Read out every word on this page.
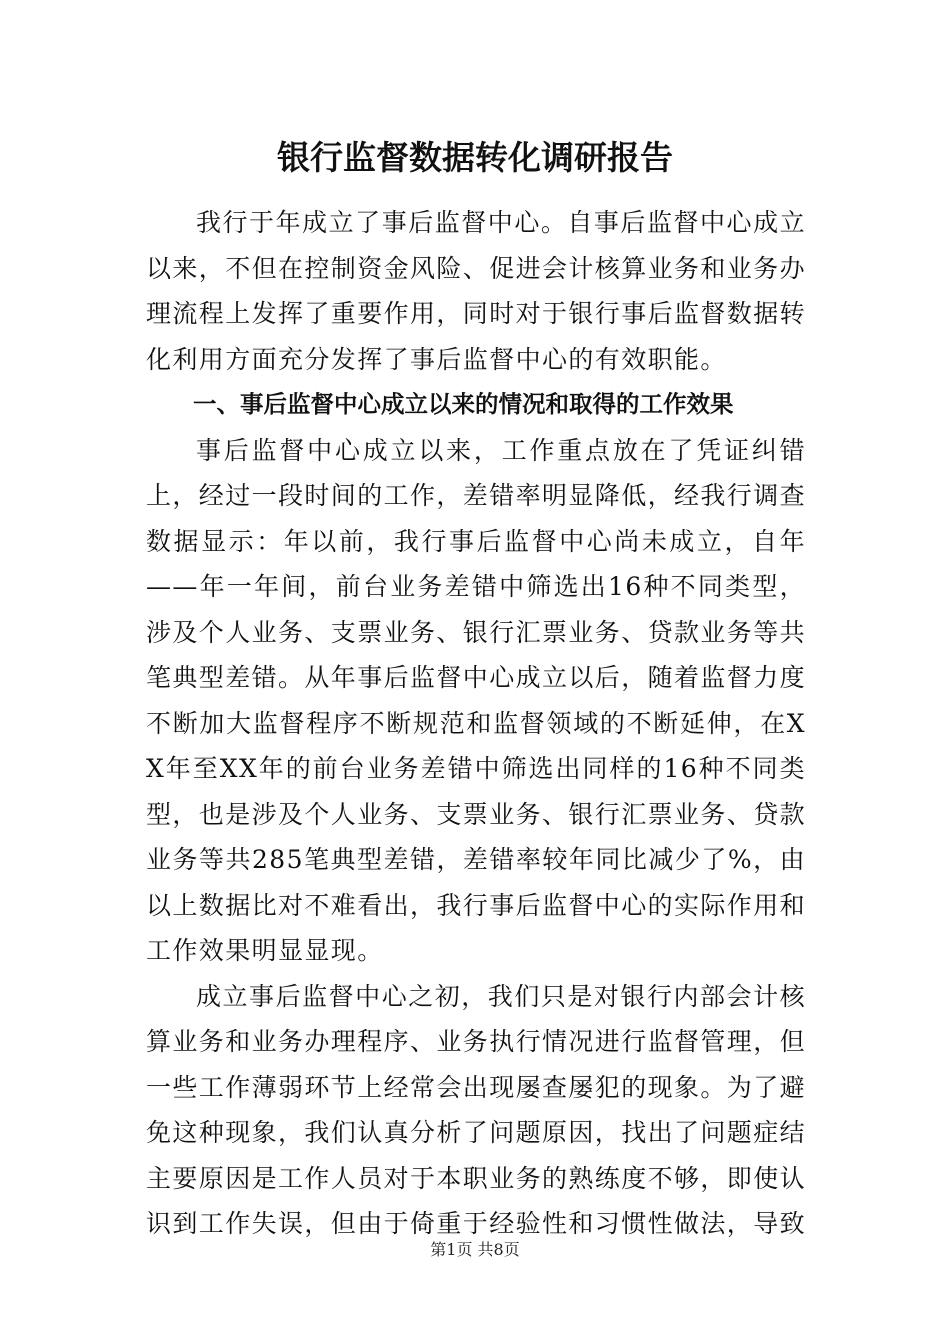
银行监督数据转化调研报告

我行于年成立了事后监督中心。自事后监督中心成立以来，不但在控制资金风险、促进会计核算业务和业务办理流程上发挥了重要作用，同时对于银行事后监督数据转化利用方面充分发挥了事后监督中心的有效职能。

一、事后监督中心成立以来的情况和取得的工作效果

事后监督中心成立以来，工作重点放在了凭证纠错上，经过一段时间的工作，差错率明显降低，经我行调查数据显示：年以前，我行事后监督中心尚未成立，自年——年一年间，前台业务差错中筛选出16种不同类型，涉及个人业务、支票业务、银行汇票业务、贷款业务等共笔典型差错。从年事后监督中心成立以后，随着监督力度不断加大监督程序不断规范和监督领域的不断延伸，在XX年至XX年的前台业务差错中筛选出同样的16种不同类型，也是涉及个人业务、支票业务、银行汇票业务、贷款业务等共285笔典型差错，差错率较年同比减少了%，由以上数据比对不难看出，我行事后监督中心的实际作用和工作效果明显显现。

成立事后监督中心之初，我们只是对银行内部会计核算业务和业务办理程序、业务执行情况进行监督管理，但一些工作薄弱环节上经常会出现屡查屡犯的现象。为了避免这种现象，我们认真分析了问题原因，找出了问题症结主要原因是工作人员对于本职业务的熟练度不够，即使认识到工作失误，但由于倚重于经验性和习惯性做法，导致

第1页 共8页
